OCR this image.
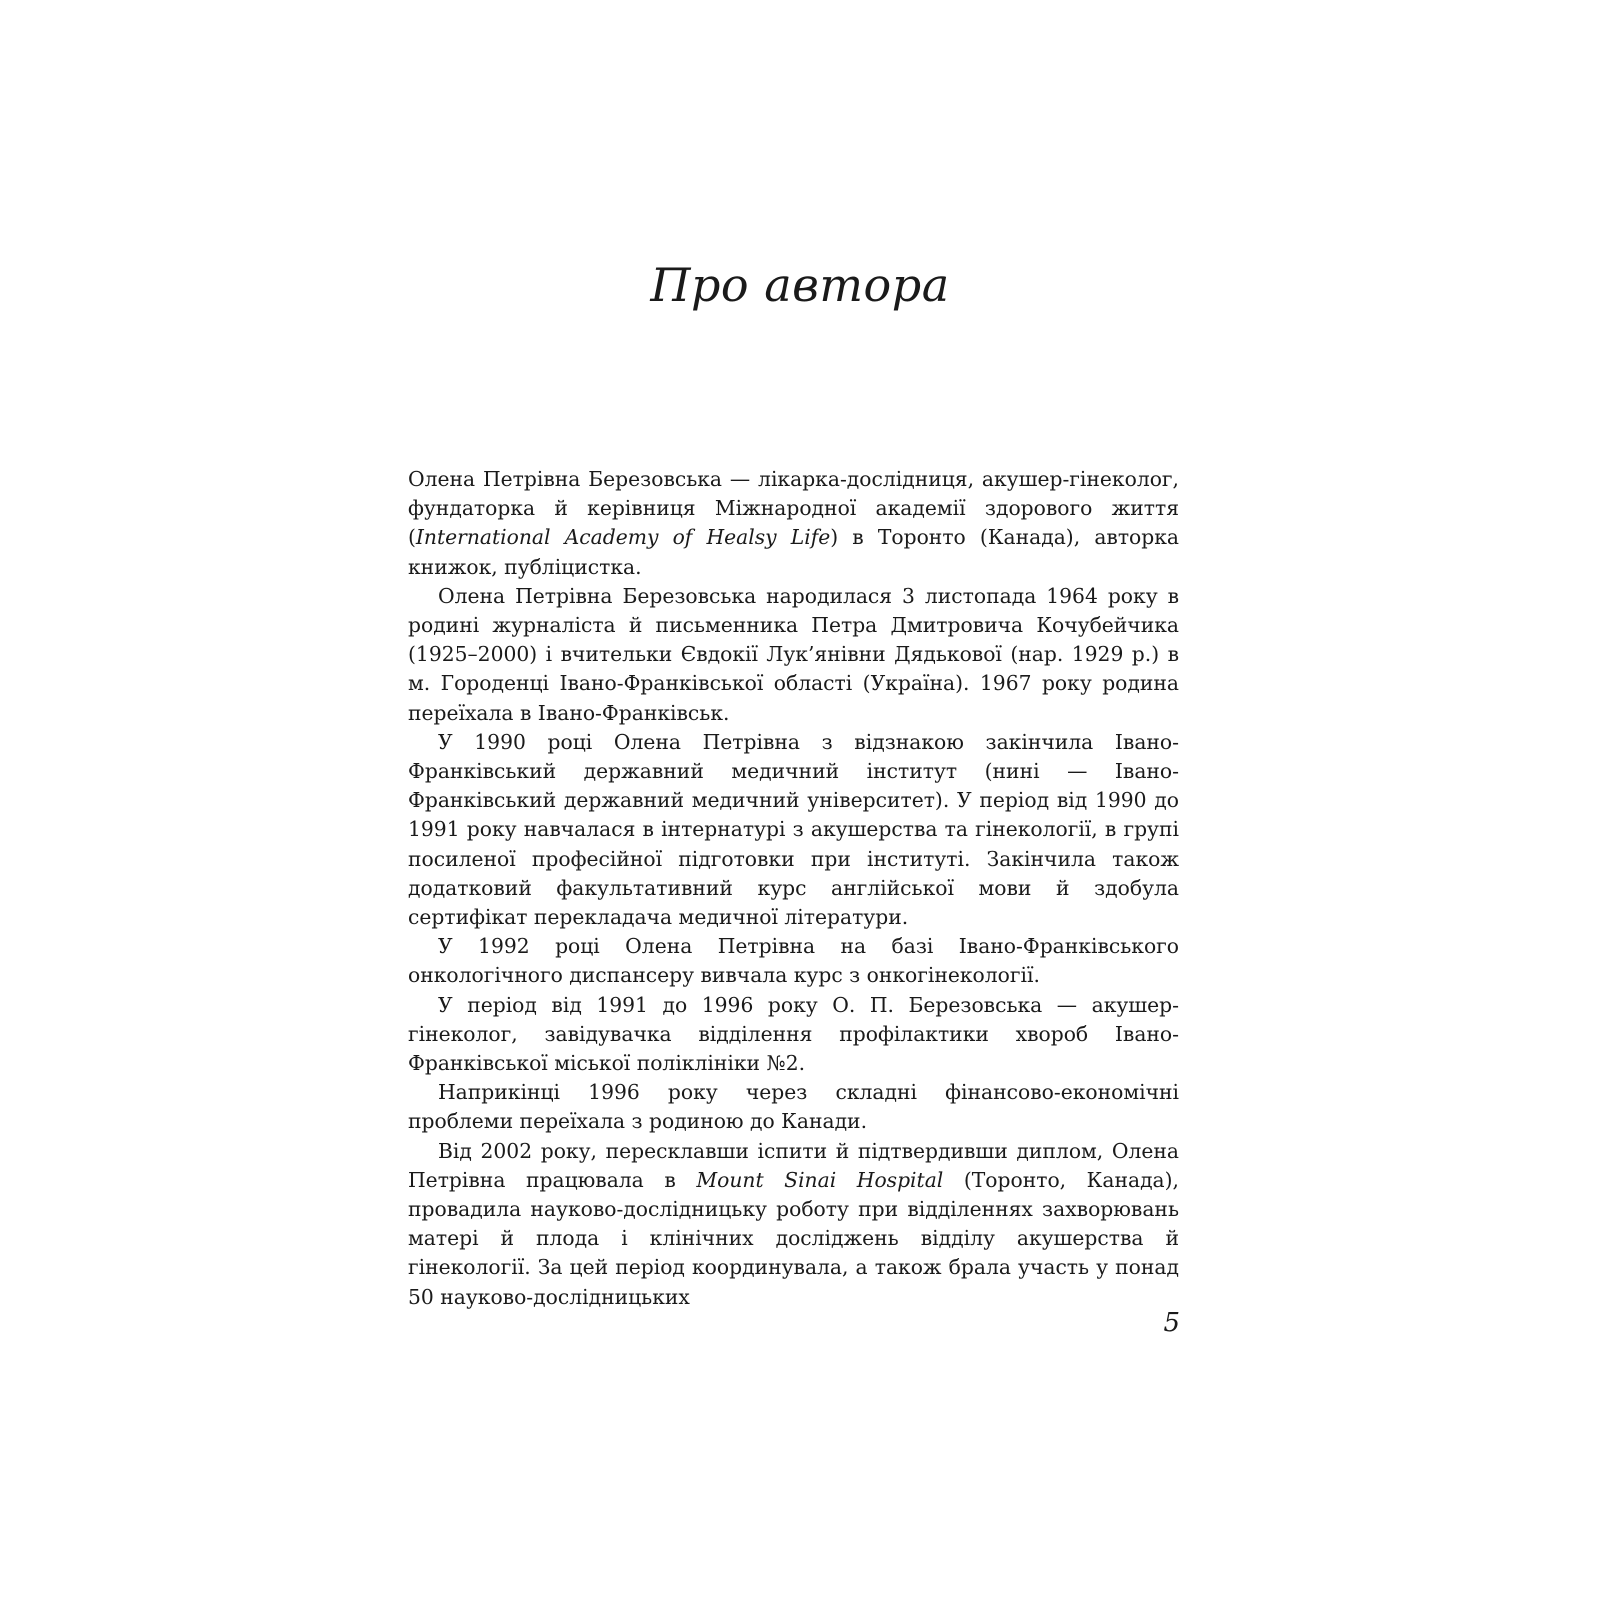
Про автора

Олена Петрівна Березовська — лікарка-дослідниця, акушер-гінеколог, фундаторка й керівниця Міжнародної академії здорового життя (International Academy of Healsy Life) в Торонто (Канада), авторка книжок, публіцистка.

Олена Петрівна Березовська народилася 3 листопада 1964 року в родині журналіста й письменника Петра Дмитровича Кочубейчика (1925–2000) і вчительки Євдокії Лук’янівни Дядькової (нар. 1929 р.) в м. Городенці Івано-Франківської області (Україна). 1967 року родина переїхала в Івано-Франківськ.

У 1990 році Олена Петрівна з відзнакою закінчила Івано-Франківський державний медичний інститут (нині — Івано-Франківський державний медичний університет). У період від 1990 до 1991 року навчалася в інтернатурі з акушерства та гінекології, в групі посиленої професійної підготовки при інституті. Закінчила також додатковий факультативний курс англійської мови й здобула сертифікат перекладача медичної літератури.

У 1992 році Олена Петрівна на базі Івано-Франківського онкологічного диспансеру вивчала курс з онкогінекології.

У період від 1991 до 1996 року О. П. Березовська — акушер-гінеколог, завідувачка відділення профілактики хвороб Івано-Франківської міської поліклініки №2.

Наприкінці 1996 року через складні фінансово-економічні проблеми переїхала з родиною до Канади.

Від 2002 року, пересклавши іспити й підтвердивши диплом, Олена Петрівна працювала в Mount Sinai Hospital (Торонто, Канада), провадила науково-дослідницьку роботу при відділеннях захворювань матері й плода і клінічних досліджень відділу акушерства й гінекології. За цей період координувала, а також брала участь у понад 50 науково-дослідницьких

5
